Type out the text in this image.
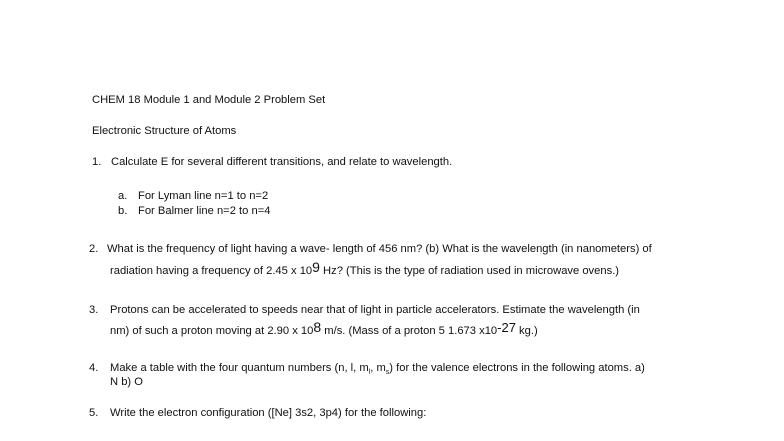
CHEM 18 Module 1 and Module 2 Problem Set
Electronic Structure of Atoms
1. Calculate E for several different transitions, and relate to wavelength.
a. For Lyman line n=1 to n=2
b. For Balmer line n=2 to n=4
2. What is the frequency of light having a wave- length of 456 nm? (b) What is the wavelength (in nanometers) of
radiation having a frequency of 2.45 x $10^9$ Hz? (This is the type of radiation used in microwave ovens.)
3. Protons can be accelerated to speeds near that of light in particle accelerators. Estimate the wavelength (in
nm) of such a proton moving at 2.90 x $10^8$ m/s. (Mass of a proton 5 1.673 $x10^{-27}$ kg.)
4. Make a table with the four quantum numbers (n, l, $m_l$, $m_s$) for the valence electrons in the following atoms. a)
N b) O
5. Write the electron configuration ([Ne] 3s2, 3p4) for the following:
